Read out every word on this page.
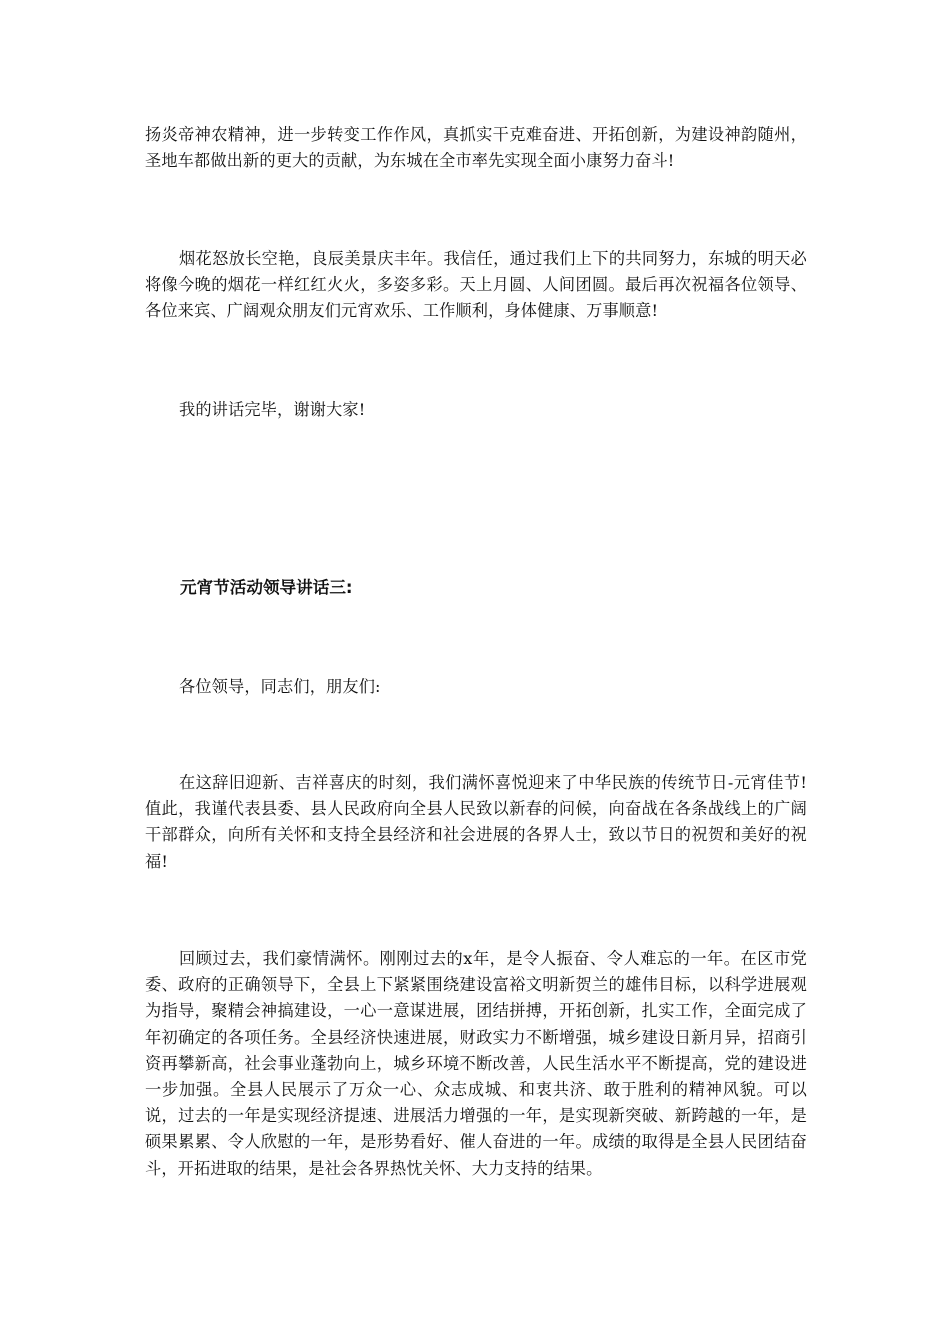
扬炎帝神农精神，进一步转变工作作风，真抓实干克难奋进、开拓创新，为建设神韵随州，圣地车都做出新的更大的贡献，为东城在全市率先实现全面小康努力奋斗!

烟花怒放长空艳，良辰美景庆丰年。我信任，通过我们上下的共同努力，东城的明天必将像今晚的烟花一样红红火火，多姿多彩。天上月圆、人间团圆。最后再次祝福各位领导、各位来宾、广阔观众朋友们元宵欢乐、工作顺利，身体健康、万事顺意!

我的讲话完毕，谢谢大家!

元宵节活动领导讲话三:

各位领导，同志们，朋友们:

在这辞旧迎新、吉祥喜庆的时刻，我们满怀喜悦迎来了中华民族的传统节日-元宵佳节!值此，我谨代表县委、县人民政府向全县人民致以新春的问候，向奋战在各条战线上的广阔干部群众，向所有关怀和支持全县经济和社会进展的各界人士，致以节日的祝贺和美好的祝福!

回顾过去，我们豪情满怀。刚刚过去的x年，是令人振奋、令人难忘的一年。在区市党委、政府的正确领导下，全县上下紧紧围绕建设富裕文明新贺兰的雄伟目标，以科学进展观为指导，聚精会神搞建设，一心一意谋进展，团结拼搏，开拓创新，扎实工作，全面完成了年初确定的各项任务。全县经济快速进展，财政实力不断增强，城乡建设日新月异，招商引资再攀新高，社会事业蓬勃向上，城乡环境不断改善，人民生活水平不断提高，党的建设进一步加强。全县人民展示了万众一心、众志成城、和衷共济、敢于胜利的精神风貌。可以说，过去的一年是实现经济提速、进展活力增强的一年，是实现新突破、新跨越的一年，是硕果累累、令人欣慰的一年，是形势看好、催人奋进的一年。成绩的取得是全县人民团结奋斗，开拓进取的结果，是社会各界热忱关怀、大力支持的结果。
